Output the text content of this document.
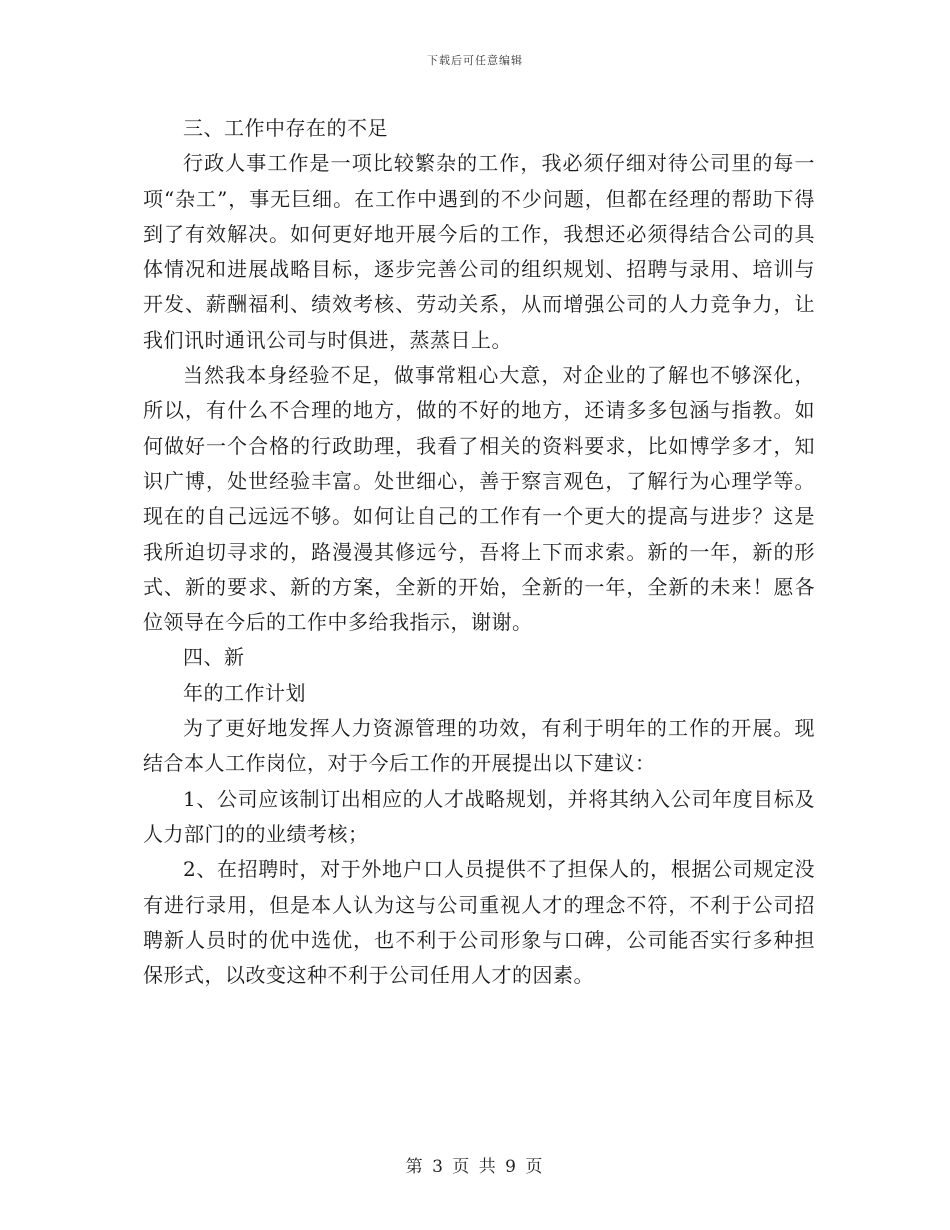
下载后可任意编辑

三、工作中存在的不足

行政人事工作是一项比较繁杂的工作，我必须仔细对待公司里的每一项“杂工”，事无巨细。在工作中遇到的不少问题，但都在经理的帮助下得到了有效解决。如何更好地开展今后的工作，我想还必须得结合公司的具体情况和进展战略目标，逐步完善公司的组织规划、招聘与录用、培训与开发、薪酬福利、绩效考核、劳动关系，从而增强公司的人力竞争力，让我们讯时通讯公司与时俱进，蒸蒸日上。

当然我本身经验不足，做事常粗心大意，对企业的了解也不够深化，所以，有什么不合理的地方，做的不好的地方，还请多多包涵与指教。如何做好一个合格的行政助理，我看了相关的资料要求，比如博学多才，知识广博，处世经验丰富。处世细心，善于察言观色，了解行为心理学等。现在的自己远远不够。如何让自己的工作有一个更大的提高与进步？这是我所迫切寻求的，路漫漫其修远兮，吾将上下而求索。新的一年，新的形式、新的要求、新的方案，全新的开始，全新的一年，全新的未来！愿各位领导在今后的工作中多给我指示，谢谢。

四、新

年的工作计划

为了更好地发挥人力资源管理的功效，有利于明年的工作的开展。现结合本人工作岗位，对于今后工作的开展提出以下建议：

1、公司应该制订出相应的人才战略规划，并将其纳入公司年度目标及人力部门的的业绩考核；

2、在招聘时，对于外地户口人员提供不了担保人的，根据公司规定没有进行录用，但是本人认为这与公司重视人才的理念不符，不利于公司招聘新人员时的优中选优，也不利于公司形象与口碑，公司能否实行多种担保形式，以改变这种不利于公司任用人才的因素。

第 3 页 共 9 页
